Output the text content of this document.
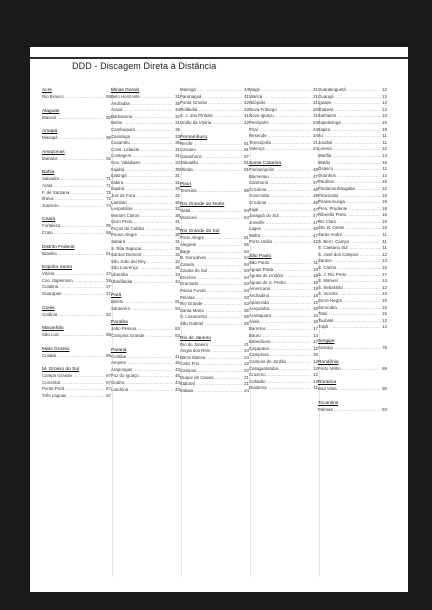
DDD - Discagem Direta à Distância
Acre
Rio Branco .....	68
Alagoas
Maceió .....	82
Amapá
Macapá .....	96
Amazonas
Manaus .....	92
Bahia
Salvador .....	71
Arata .....	71
F. de Santana .....	75
Ilhéus .....	73
Juazeiro .....	74
Ceará
Fortaleza .....	85
Crato .....	88
Distrito Federal
Brasília .....	61
Espírito Santo
Vitória .....	27
Cac. Itapemirim .....	28
Colatina .....	27
Guarapari .....	27
Goiás
Goiânia .....	62
Maranhão
São Luiz .....	98
Mato Grosso
Cuiabá .....	65
M. Grosso do Sul
Campo Grande .....	67
Corumbá .....	67
Ponta Porã .....	67
Três Lagoas .....	67
Minas Gerais
Belo Horizonte .....	31
Andradas .....	35
Araxá .....	34
Barbacena .....	32
Betim .....	31
Cambuquira .....	35
Caratinga .....	33
Caxambu .....	35
Cons. Lafaiete .....	31
Contagem .....	31
Gov. Valadares .....	33
Itajubá .....	35
Ipatinga .....	31
Itabira .....	31
Itajubá .....	35
Juiz de Fora .....	32
Lambari .....	35
Leopoldina .....	32
Montes Claros .....	38
Ouro Preto .....	31
Poços de Caldas .....	35
Pouso Alegre .....	35
Sabará .....	31
S. Rita Sapucaí .....	35
Santos Dumont .....	32
São João del Rey .....	32
São Lourenço .....	35
Uberaba .....	34
Uberlândia .....	34
Pará
Belém .....	91
Santarém .....	93
Paraíba
João Pessoa .....	83
Campina Grande .....	83
Paraná
Curitiba .....	41
Ampere .....	46
Arapongas .....	43
Foz do Iguaçu .....	45
Guaíra .....	44
Londrina .....	43
Maringá .....	44
Paranaguá .....	41
Ponta Grossa .....	42
Rolândia .....	43
S. J. dos Pinhais .....	41
União da Vitória .....	42
Pernambuco
Recife .....	81
Caruaru .....	81
Garanhuns .....	87
Jaboatão .....	81
Olinda .....	81
Piauí
Teresina .....	86
Rio Grande do Norte
Natal .....	84
Mossoró .....	84
Rio Grande do Sul
Porto Alegre .....	51
Alegrete .....	55
Bagé .....	53
B. Gonçalves .....	54
Canela .....	54
Caxias do Sul .....	54
Erechim .....	54
Gramado .....	54
Passo Fundo .....	54
Pelotas .....	53
Rio Grande .....	53
Santa Maria .....	55
S. Livramento .....	55
São Gabriel .....	55
Rio de Janeiro
Rio de Janeiro .....	21
Angra dos Reis .....	24
Barra Mansa .....	24
Cabo Frio .....	22
Campos .....	22
Duque de Caxias .....	21
Itaboraí .....	21
Itatiaia .....	24
Magé .....	21
Maricá .....	21
Nilópolis .....	21
Nova Friburgo .....	22
Nova Iguaçu .....	21
Petrópolis .....	24
Piraí .....	24
Resende .....	24
Teresópolis .....	21
Valença .....	24
Santa Catarina
Florianópolis .....	48
Blumenau .....	47
Camboriú .....	47
Criciúma .....	48
Concórdia .....	49
Criciúma .....	48
Itajaí .....	47
Jaraguá do Sul .....	47
Joinville .....	47
Lages .....	49
Mafra .....	47
Porto União .....	42
São Paulo
São Paulo .....	11
Águas Prata .....	19
Águas de Lindóia .....	19
Águas de S. Pedro .....	19
Americana .....	19
Andradina .....	18
Aparecida .....	12
Araçatuba .....	18
Araraquara .....	16
Assis .....	18
Barretos .....	17
Bauru .....	14
Bebedouro .....	17
Caçapava .....	12
Campinas .....	19
Campos do Jordão .....	12
Caraguatatuba .....	12
Cruzeiro .....	12
Cubatão .....	13
Diadema .....	11
Guaratinguetá .....	12
Guarujá .....	13
Iguape .....	13
Ilhabela .....	12
Itanhaém .....	13
Itapetininga .....	15
Itapira .....	19
Itu .....	11
Jundiaí .....	11
Lorena .....	12
Marília .....	14
Matão .....	16
Osasco .....	11
Ourinhos .....	14
Paulínia .....	19
Pindamonhangaba .....	12
Piracicaba .....	19
Pirassununga .....	19
Pres. Prudente .....	18
Ribeirão Preto .....	16
Rio Claro .....	19
Sta. B. Oeste .....	19
Santo André .....	11
S. Bern. Campo .....	11
S. Caetano Sul .....	11
S. José dos Campos .....	12
Santos .....	13
S. Carlos .....	16
S. J. Rio Preto .....	17
S. Manuel .....	14
S. Sebastião .....	12
S. Vicente .....	13
Serra Negra .....	19
Sorocaba .....	15
Tatuí .....	15
Taubaté .....	12
Tupã .....	14
Sergipe
Aracaju .....	79
Rondônia
Porto Velho .....	69
Roraima
Boa Vista .....	95
Tocantins
Palmas .....	63
